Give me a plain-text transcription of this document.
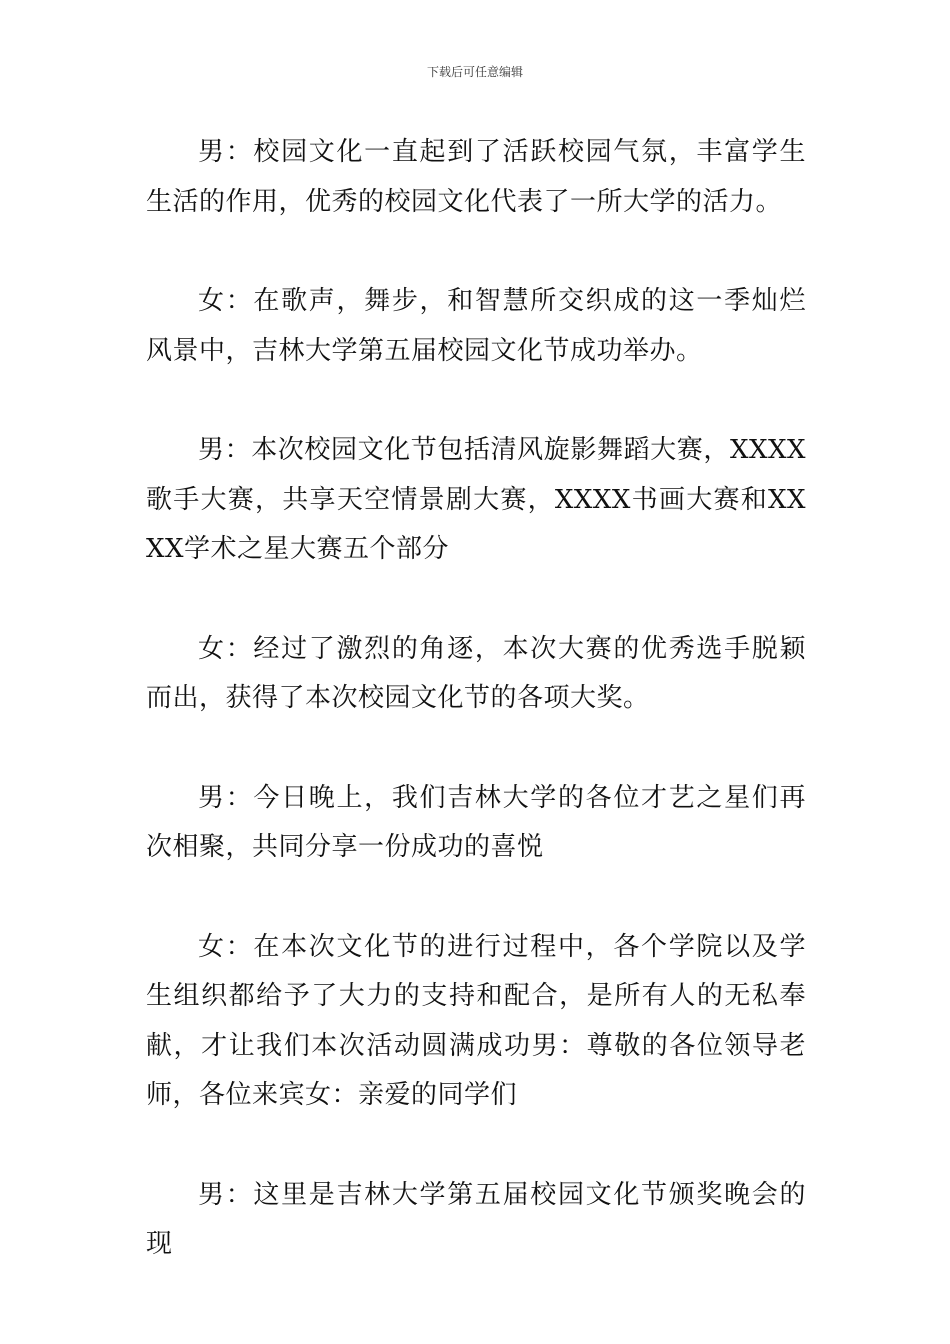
下载后可任意编辑

男：校园文化一直起到了活跃校园气氛，丰富学生生活的作用，优秀的校园文化代表了一所大学的活力。

女：在歌声，舞步，和智慧所交织成的这一季灿烂风景中，吉林大学第五届校园文化节成功举办。

男：本次校园文化节包括清风旋影舞蹈大赛，XXXX歌手大赛，共享天空情景剧大赛，XXXX书画大赛和XXXX学术之星大赛五个部分

女：经过了激烈的角逐，本次大赛的优秀选手脱颖而出，获得了本次校园文化节的各项大奖。

男：今日晚上，我们吉林大学的各位才艺之星们再次相聚，共同分享一份成功的喜悦

女：在本次文化节的进行过程中，各个学院以及学生组织都给予了大力的支持和配合，是所有人的无私奉献，才让我们本次活动圆满成功男：尊敬的各位领导老师，各位来宾女：亲爱的同学们

男：这里是吉林大学第五届校园文化节颁奖晚会的现
